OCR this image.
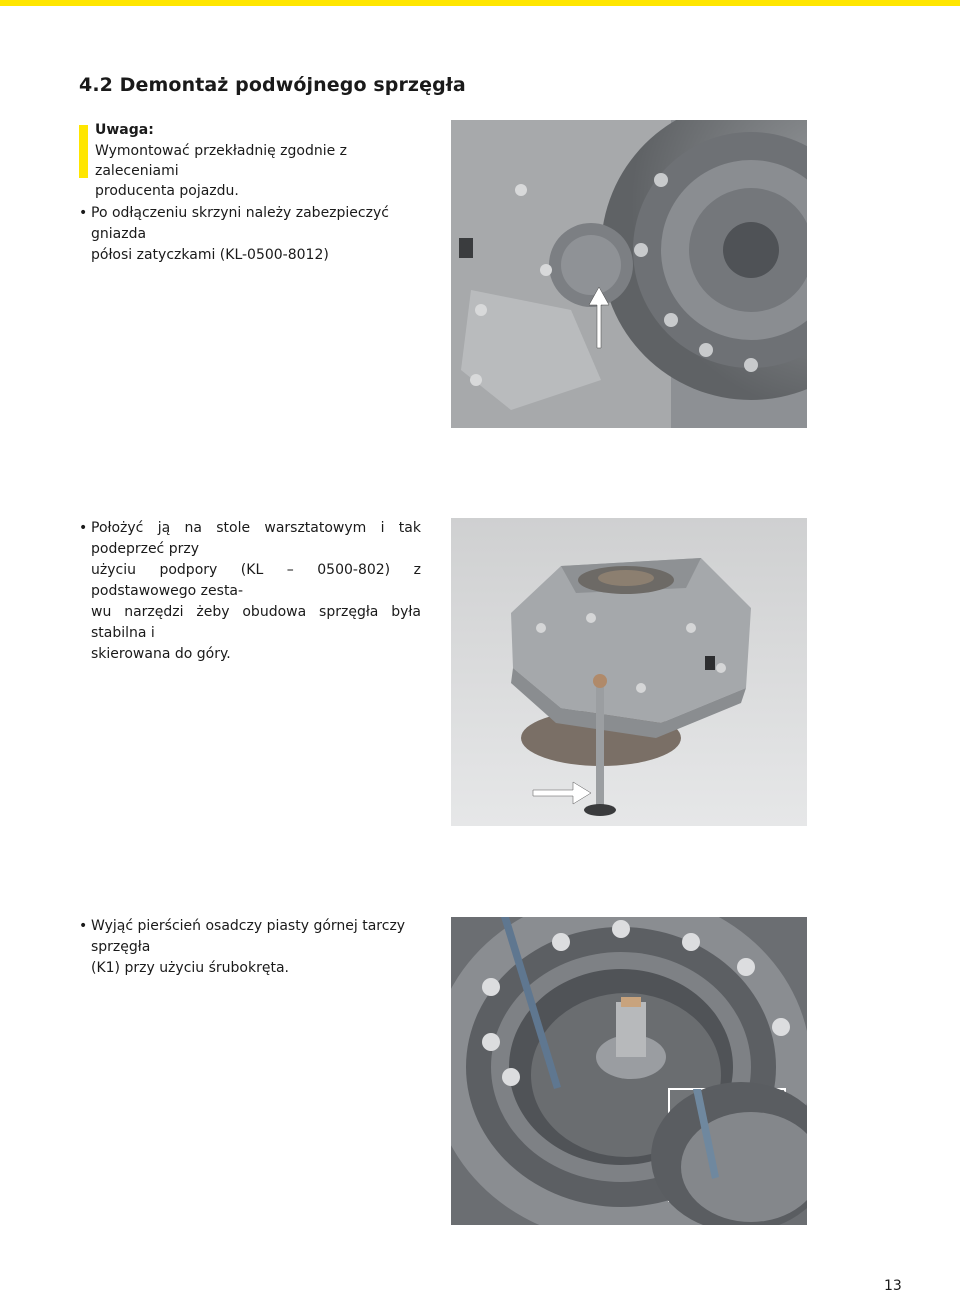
4.2 Demontaż podwójnego sprzęgła
Uwaga:
Wymontować przekładnię zgodnie z zaleceniami
producenta pojazdu.
• Po odłączeniu skrzyni należy zabezpieczyć gniazda
półosi zatyczkami (KL-0500-8012)
• Położyć ją na stole warsztatowym i tak podeprzeć przy
użyciu podpory (KL – 0500-802) z podstawowego zesta-
wu narzędzi żeby obudowa sprzęgła była stabilna i
skierowana do góry.
• Wyjąć pierścień osadczy piasty górnej tarczy sprzęgła
(K1) przy użyciu śrubokręta.
13
